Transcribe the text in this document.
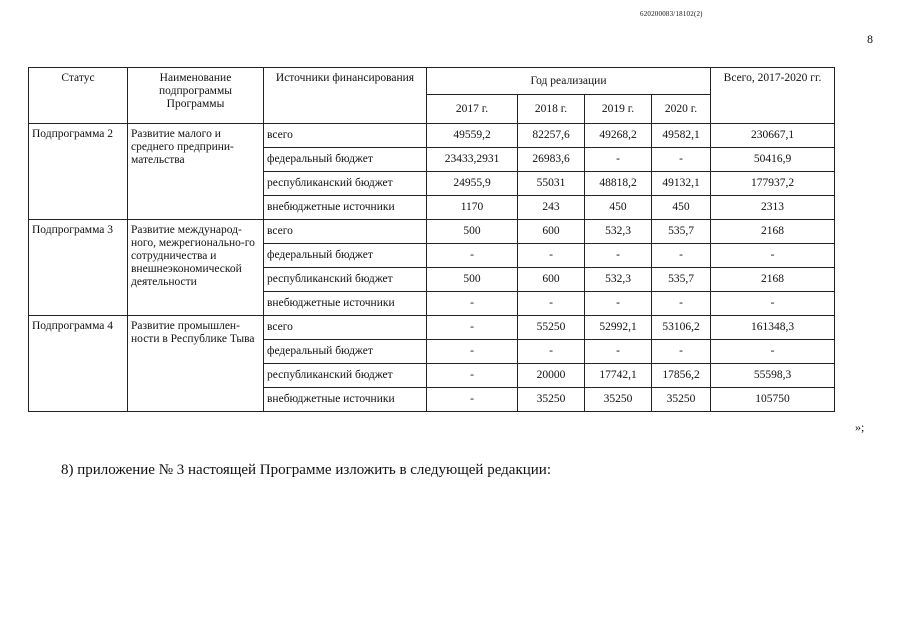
620200083/18102(2)
8
Статус	Наименование подпрограммы Программы	Источники финансирования	Год реализации				Всего, 2017-2020 гг.
			2017 г.	2018 г.	2019 г.	2020 г.	
Подпрограмма 2	Развитие малого и среднего предприни-мательства	всего	49559,2	82257,6	49268,2	49582,1	230667,1
		федеральный бюджет	23433,2931	26983,6	-	-	50416,9
		республиканский бюджет	24955,9	55031	48818,2	49132,1	177937,2
		внебюджетные источники	1170	243	450	450	2313
Подпрограмма 3	Развитие международ-ного, межрегионально-го сотрудничества и внешнеэкономической деятельности	всего	500	600	532,3	535,7	2168
		федеральный бюджет	-	-	-	-	-
		республиканский бюджет	500	600	532,3	535,7	2168
		внебюджетные источники	-	-	-	-	-
Подпрограмма 4	Развитие промышлен-ности в Республике Тыва	всего	-	55250	52992,1	53106,2	161348,3
		федеральный бюджет	-	-	-	-	-
		республиканский бюджет	-	20000	17742,1	17856,2	55598,3
		внебюджетные источники	-	35250	35250	35250	105750
»;
8) приложение № 3 настоящей Программе изложить в следующей редакции:
